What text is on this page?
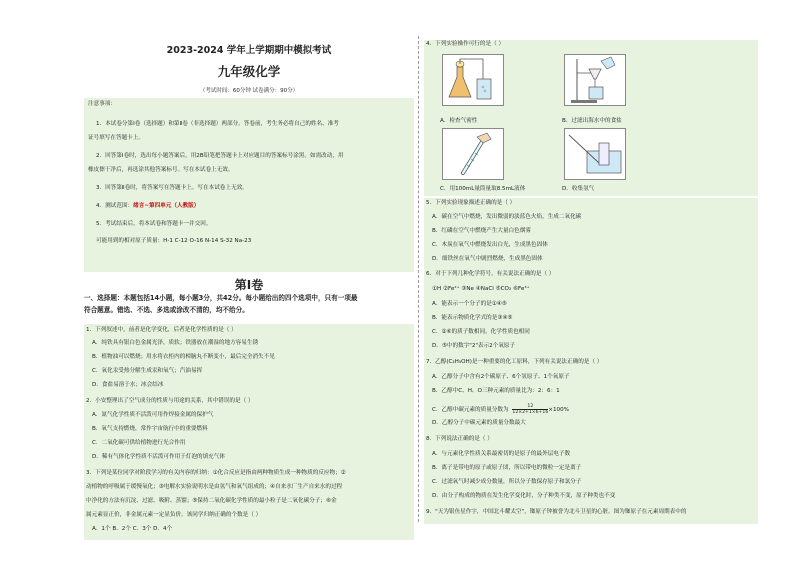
2023-2024 学年上学期期中模拟考试
九年级化学
（考试时间：60分钟 试卷满分：90分）
注意事项：
1．本试卷分第Ⅰ卷（选择题）和第Ⅱ卷（非选择题）两部分。答卷前，考生务必将自己的姓名、准考
证号填写在答题卡上。
2．回答第Ⅰ卷时，选出每小题答案后，用2B铅笔把答题卡上对应题目的答案标号涂黑。如需改动，用
橡皮擦干净后，再选涂其他答案标号。写在本试卷上无效。
3．回答第Ⅱ卷时，将答案写在答题卡上。写在本试卷上无效。
4．测试范围：绪言~第四单元（人教版）
5．考试结束后，将本试卷和答题卡一并交回。
可能用到的相对原子质量：H-1 C-12 O-16 N-14 S-32 Na-23
第Ⅰ卷
一、选择题：本题包括14小题，每小题3分，共42分。每小题给出的四个选项中，只有一项最
符合题意。错选、不选、多选或涂改不清的，均不给分。
1．下列叙述中，前者是化学变化，后者是化学性质的是（ ）
A．纯铁具有银白色金属光泽，质软；铁器放在潮湿的地方容易生锈
B．植物油可以燃烧；用水将衣柜内的樟脑丸不断变小，最后完全消失不见
C．氧化汞受热分解生成汞和氧气；汽油易挥
D．食盐易溶于水；冰会结冰
2．小安整理出了空气成分的性质与用途的关系，其中错误的是（ ）
A．氮气化学性质不活泼可用作焊接金属的保护气
B．氧气支持燃烧，常作宇宙航行中的重要燃料
C．二氧化碳可供给植物进行光合作用
D．稀有气体化学性质不活泼可作用于灯泡的填充气体
3．下列是某位同学对阶段学习的有关内容的归纳：①化合反应是指由两种物质生成一种物质的反应物；②
动植物的呼吸属于缓慢氧化；③电解水实验说明水是由氢气和氧气组成的；④自来水厂生产自来水的过程
中净化的方法有沉淀、过滤、吸附、蒸馏；⑤保持二氧化碳化学性质的最小粒子是二氧化碳分子；⑥金
属元素显正价，非金属元素一定显负价。该同学归纳正确的个数是（ ）
A．1个 B．2个 C．3个 D．4个
4．下列实验操作可行的是（ ）
A．检查气密性	B．过滤出海水中的食盐
C．用100mL量筒量取8.5mL液体	D．收集氢气
5．下列实验现象描述正确的是（ ）
A．碳在空气中燃烧，发出微弱的淡蓝色火焰，生成二氧化碳
B．红磷在空气中燃烧产生大量白色烟雾
C．木炭在氧气中燃烧发出白光，生成黑色固体
D．细铁丝在氧气中剧烈燃烧，生成黑色固体
6．对于下列几种化学符号，有关说法正确的是（ ）
①H ②Fe²⁺ ③Ne ④NaCl ⑤CO₂ ⑥Fe³⁺
A．能表示一个分子的是①④⑤
B．能表示物质化学式的是③④⑤
C．②⑥的质子数相同，化学性质也相同
D．⑤中的数字"2"表示2个氧原子
7．乙醇(C₂H₅OH)是一种重要的化工原料，下列有关说法正确的是（ ）
A．乙醇分子中含有2个碳原子、6个氢原子、1个氧原子
B．乙醇中C、H、O三种元素的质量比为：2：6：1
C．乙醇中碳元素的质量分数为 $\frac{12}{12\times 2+1\times 6+16} \times 100\%$
D．乙醇分子中碳元素的质量分数最大
8．下列说法正确的是（ ）
A．与元素化学性质关系最密切的是原子的最外层电子数
B．离子是带电的原子或原子团，所以带电的微粒一定是离子
C．过滤氧气时减少成分数量，所以分子数保存原子和氯分子
D．由分子构成的物质在发生化学变化时，分子种类不变，原子种类也不变
9．"天为银鱼星作字，中国北斗耀太空"，铷原子钟被誉为北斗卫星的心脏。图为铷原子在元素周期表中的
